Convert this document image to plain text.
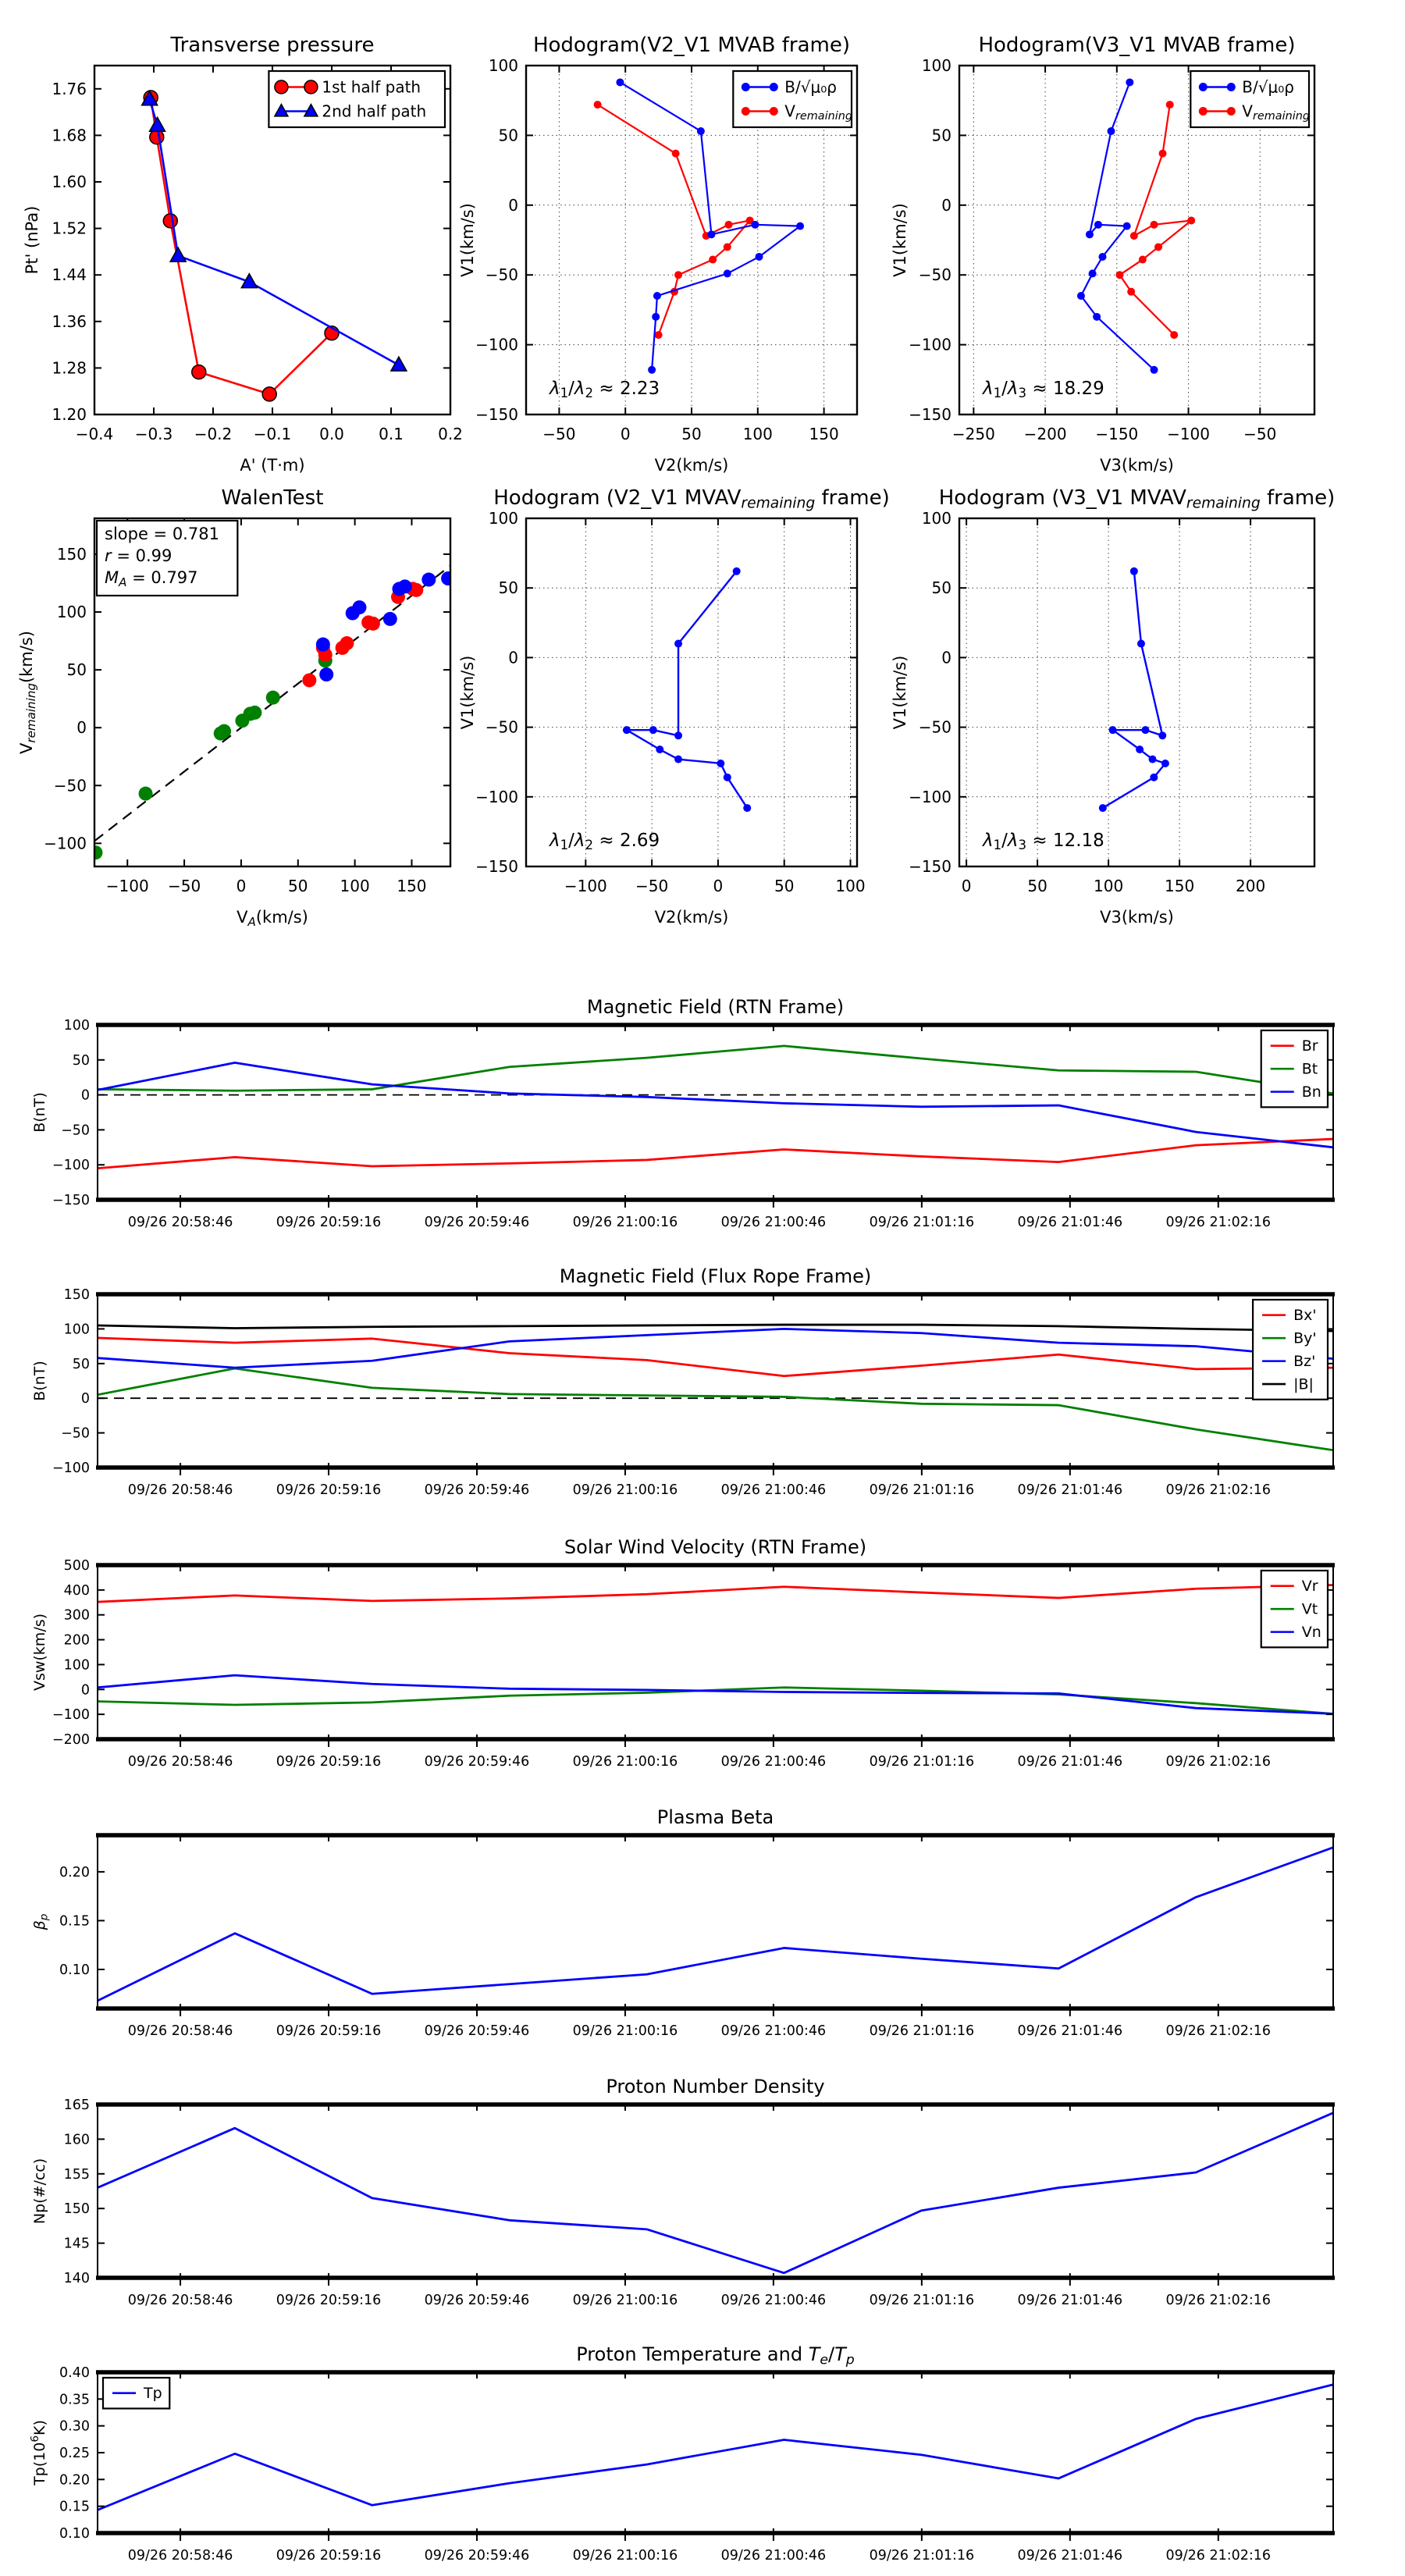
−0.4 −0.3 −0.2 −0.1 0.0 0.1 0.2
1.20
1.28
1.36
1.44
1.52
1.60
1.68
1.76
Transverse pressure
A' (T·m)
Pt' (nPa)
1st half path
2nd half path
−50	0	50	100 150
−150
−100
−50
0
50
100
Hodogram(V2_V1 MVAB frame)
V2(km/s)
V1(km/s)
λ1/λ2 ≈ 2.23
B/√μ₀ρ
Vremaining
−250 −200 −150 −100 −50
−150
−100
−50
0
50
100
Hodogram(V3_V1 MVAB frame)
V3(km/s)
V1(km/s)
λ1/λ3 ≈ 18.29
B/√μ₀ρ
Vremaining
−100 −50 0	50 100 150
−100
−50
0
50
100
150
WalenTest
VA(km/s)
Vremaining(km/s)
slope = 0.781
r = 0.99
MA = 0.797
−100 −50	0	50	100
−150
−100
−50
0
50
100
Hodogram (V2_V1 MVAVremaining frame)
V2(km/s)
V1(km/s)
λ1/λ2 ≈ 2.69
0	50	100	150	200
−150
−100
−50
0
50
100
Hodogram (V3_V1 MVAVremaining frame)
V3(km/s)
V1(km/s)
λ1/λ3 ≈ 12.18
09/26 20:58:46	09/26 20:59:16	09/26 20:59:46	09/26 21:00:16	09/26 21:00:46	09/26 21:01:16	09/26 21:01:46	09/26 21:02:16
−150
−100
−50
0
50
100
Magnetic Field (RTN Frame)
B(nT)
Br
Bt
Bn
09/26 20:58:46	09/26 20:59:16	09/26 20:59:46	09/26 21:00:16	09/26 21:00:46	09/26 21:01:16	09/26 21:01:46	09/26 21:02:16
−100
−50
0
50
100
150
Magnetic Field (Flux Rope Frame)
B(nT)
Bx'
By'
Bz'
|B|
09/26 20:58:46	09/26 20:59:16	09/26 20:59:46	09/26 21:00:16	09/26 21:00:46	09/26 21:01:16	09/26 21:01:46	09/26 21:02:16
−200
−100
0
100
200
300
400
500
Solar Wind Velocity (RTN Frame)
Vsw(km/s)
Vr
Vt
Vn
09/26 20:58:46	09/26 20:59:16	09/26 20:59:46	09/26 21:00:16	09/26 21:00:46	09/26 21:01:16	09/26 21:01:46	09/26 21:02:16
0.10
0.15
0.20
Plasma Beta
βp
09/26 20:58:46	09/26 20:59:16	09/26 20:59:46	09/26 21:00:16	09/26 21:00:46	09/26 21:01:16	09/26 21:01:46	09/26 21:02:16
140
145
150
155
160
165
Proton Number Density
Np(#/cc)
09/26 20:58:46	09/26 20:59:16	09/26 20:59:46	09/26 21:00:16	09/26 21:00:46	09/26 21:01:16	09/26 21:01:46	09/26 21:02:16
0.10
0.15
0.20
0.25
0.30
0.35
0.40
Proton Temperature and Te/Tp
$Tp(10^6K)$
Tp
